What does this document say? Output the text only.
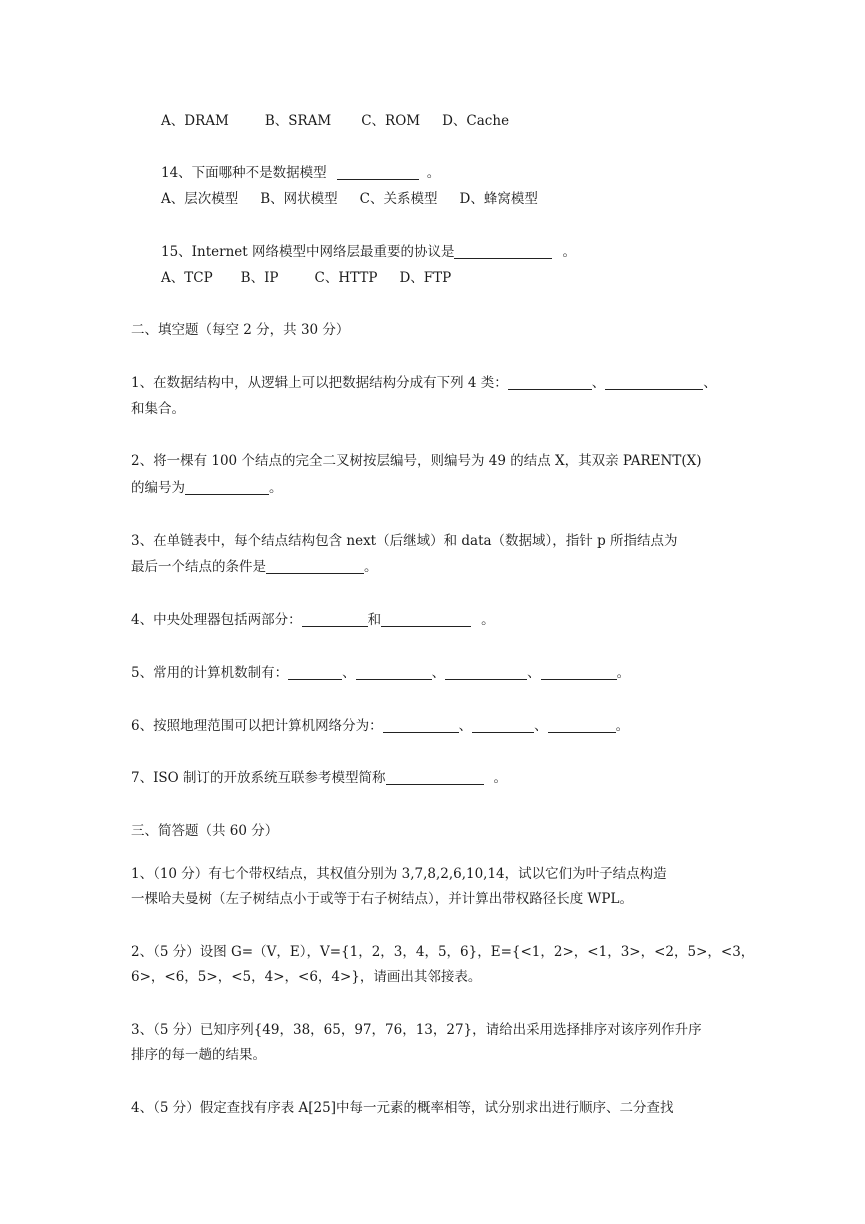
A、DRAM	B、SRAM C、ROM D、Cache
14、下面哪种不是数据模型	。
A、层次模型 B、网状模型 C、关系模型 D、蜂窝模型
15、Internet 网络模型中网络层最重要的协议是	。
A、TCP B、IP	C、HTTP D、FTP
二、填空题（每空 2 分，共 30 分）
1、在数据结构中，从逻辑上可以把数据结构分成有下列 4 类：	、	、
和集合。
2、将一棵有 100 个结点的完全二叉树按层编号，则编号为 49 的结点 X，其双亲 PARENT(X)
的编号为	。
3、在单链表中，每个结点结构包含 next（后继域）和 data（数据域），指针 p 所指结点为
最后一个结点的条件是	。
4、中央处理器包括两部分：	和	。
5、常用的计算机数制有：	、	、	、	。
6、按照地理范围可以把计算机网络分为：	、	、	。
7、ISO 制订的开放系统互联参考模型简称	。
三、简答题（共 60 分）
1、（10 分）有七个带权结点，其权值分别为 3,7,8,2,6,10,14，试以它们为叶子结点构造
一棵哈夫曼树（左子树结点小于或等于右子树结点），并计算出带权路径长度 WPL。
2、（5 分）设图 G=（V，E），V={1，2，3，4，5，6}，E={<1，2>，<1，3>，<2，5>，<3，
6>，<6，5>，<5，4>，<6，4>}，请画出其邻接表。
3、（5 分）已知序列{49，38，65，97，76，13，27}，请给出采用选择排序对该序列作升序
排序的每一趟的结果。
4、（5 分）假定查找有序表 A[25]中每一元素的概率相等，试分别求出进行顺序、二分查找
